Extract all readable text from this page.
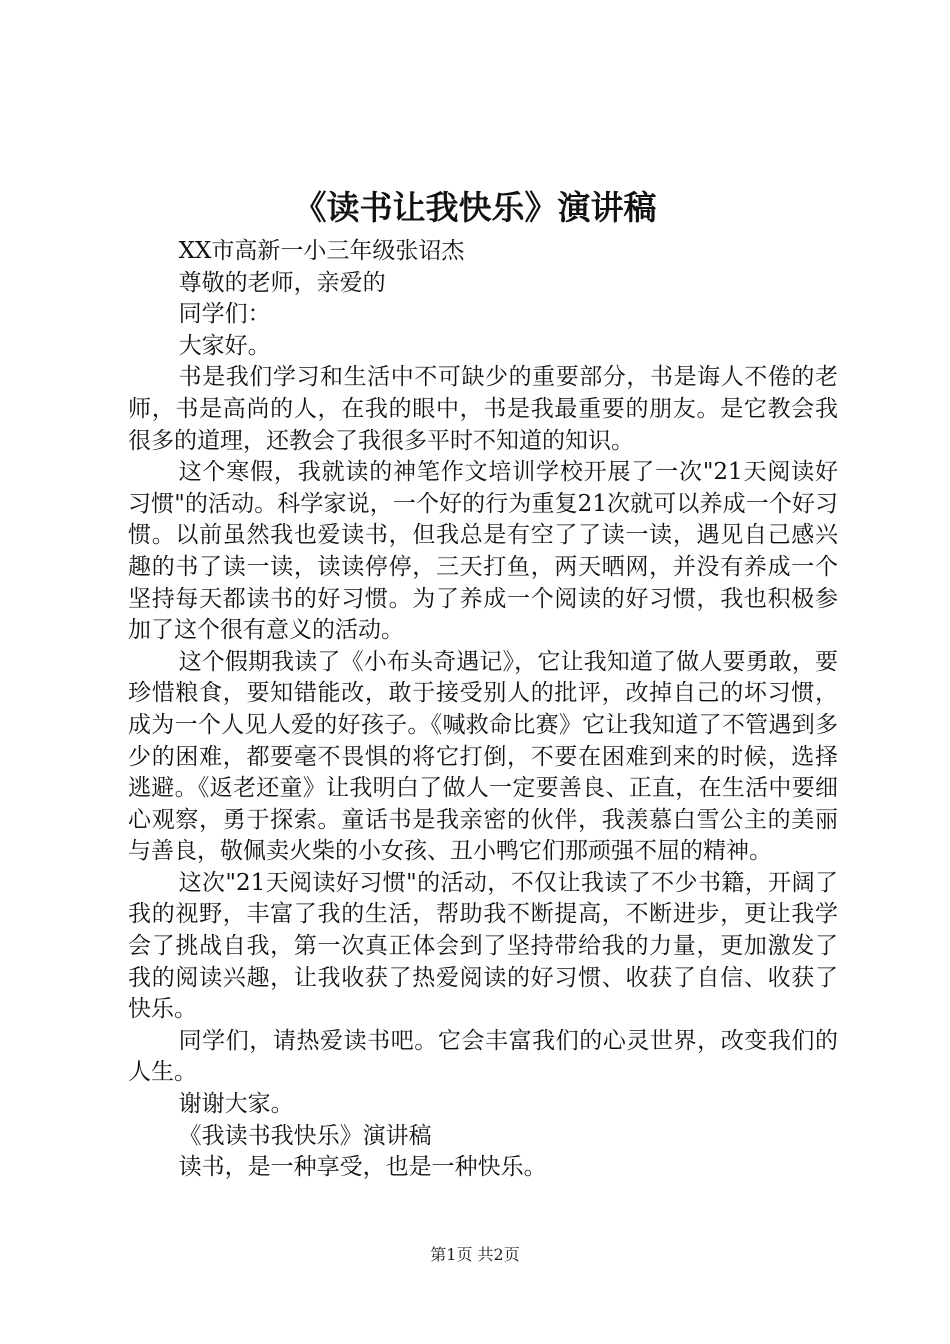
《读书让我快乐》演讲稿

XX市高新一小三年级张诏杰

尊敬的老师，亲爱的

同学们：

大家好。

书是我们学习和生活中不可缺少的重要部分，书是诲人不倦的老师，书是高尚的人，在我的眼中，书是我最重要的朋友。是它教会我很多的道理，还教会了我很多平时不知道的知识。

这个寒假，我就读的神笔作文培训学校开展了一次"21天阅读好习惯"的活动。科学家说，一个好的行为重复21次就可以养成一个好习惯。以前虽然我也爱读书，但我总是有空了了读一读，遇见自己感兴趣的书了读一读，读读停停，三天打鱼，两天晒网，并没有养成一个坚持每天都读书的好习惯。为了养成一个阅读的好习惯，我也积极参加了这个很有意义的活动。

这个假期我读了《小布头奇遇记》，它让我知道了做人要勇敢，要珍惜粮食，要知错能改，敢于接受别人的批评，改掉自己的坏习惯，成为一个人见人爱的好孩子。《喊救命比赛》它让我知道了不管遇到多少的困难，都要毫不畏惧的将它打倒，不要在困难到来的时候，选择逃避。《返老还童》让我明白了做人一定要善良、正直，在生活中要细心观察，勇于探索。童话书是我亲密的伙伴，我羡慕白雪公主的美丽与善良，敬佩卖火柴的小女孩、丑小鸭它们那顽强不屈的精神。

这次"21天阅读好习惯"的活动，不仅让我读了不少书籍，开阔了我的视野，丰富了我的生活，帮助我不断提高，不断进步，更让我学会了挑战自我，第一次真正体会到了坚持带给我的力量，更加激发了我的阅读兴趣，让我收获了热爱阅读的好习惯、收获了自信、收获了快乐。

同学们，请热爱读书吧。它会丰富我们的心灵世界，改变我们的人生。

谢谢大家。

《我读书我快乐》演讲稿

读书，是一种享受，也是一种快乐。

第1页 共2页
